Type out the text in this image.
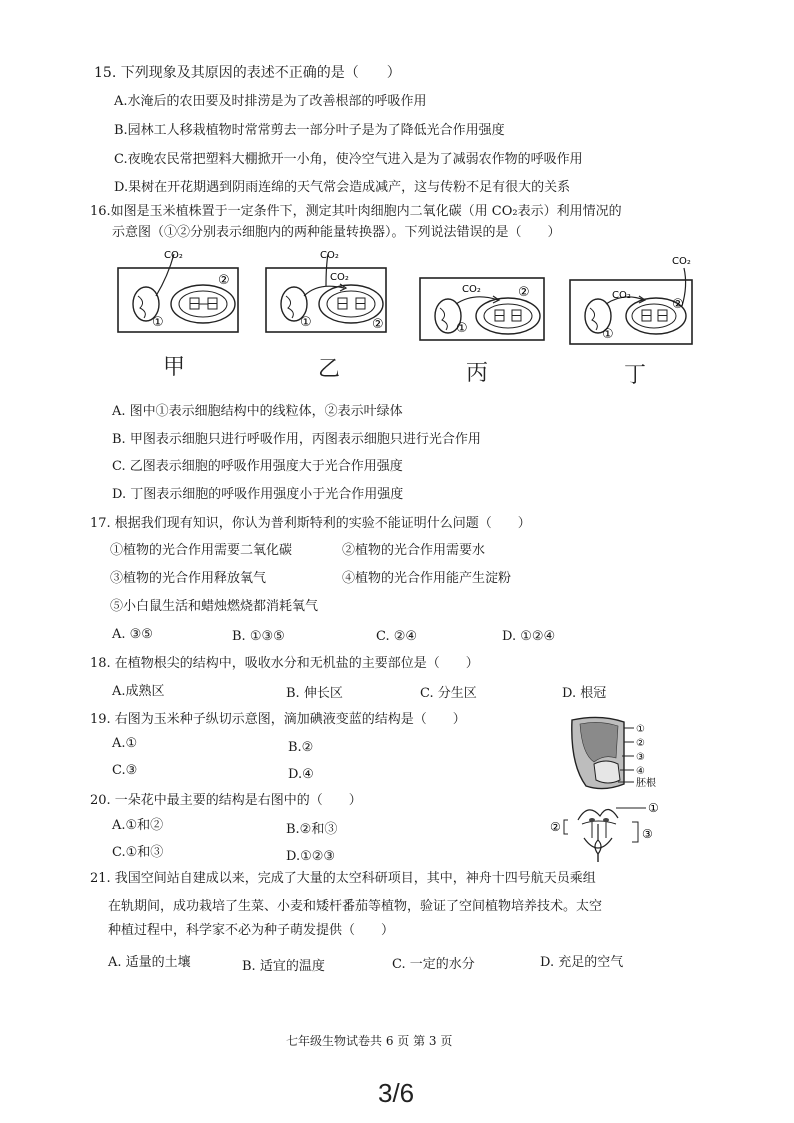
15. 下列现象及其原因的表述不正确的是（　　）
A.水淹后的农田要及时排涝是为了改善根部的呼吸作用
B.园林工人移栽植物时常常剪去一部分叶子是为了降低光合作用强度
C.夜晚农民常把塑料大棚掀开一小角，使冷空气进入是为了减弱农作物的呼吸作用
D.果树在开花期遇到阴雨连绵的天气常会造成减产，这与传粉不足有很大的关系
16.如图是玉米植株置于一定条件下，测定其叶肉细胞内二氧化碳（用 CO₂表示）利用情况的
示意图（①②分别表示细胞内的两种能量转换器）。下列说法错误的是（　　）
CO₂
①
②
甲
CO₂
CO₂
①	②
乙
CO₂
①
②
丙
CO₂
CO₂
①
②
丁
A. 图中①表示细胞结构中的线粒体，②表示叶绿体
B. 甲图表示细胞只进行呼吸作用，丙图表示细胞只进行光合作用
C. 乙图表示细胞的呼吸作用强度大于光合作用强度
D. 丁图表示细胞的呼吸作用强度小于光合作用强度
17. 根据我们现有知识，你认为普利斯特利的实验不能证明什么问题（　　）
①植物的光合作用需要二氧化碳	②植物的光合作用需要水
③植物的光合作用释放氧气	④植物的光合作用能产生淀粉
⑤小白鼠生活和蜡烛燃烧都消耗氧气
A. ③⑤	B. ①③⑤	C. ②④	D. ①②④
18. 在植物根尖的结构中，吸收水分和无机盐的主要部位是（　　）
A.成熟区	B. 伸长区	C. 分生区	D. 根冠
19. 右图为玉米种子纵切示意图，滴加碘液变蓝的结构是（　　）
A.①	B.②
C.③	D.④
①
②
③
④
胚根
20. 一朵花中最主要的结构是右图中的（　　）
A.①和②	B.②和③
C.①和③	D.①②③
①
②	③
21. 我国空间站自建成以来，完成了大量的太空科研项目，其中，神舟十四号航天员乘组
在轨期间，成功栽培了生菜、小麦和矮杆番茄等植物，验证了空间植物培养技术。太空
种植过程中，科学家不必为种子萌发提供（　　）
A. 适量的土壤	B. 适宜的温度	C. 一定的水分	D. 充足的空气
七年级生物试卷共 6 页 第 3 页
3/6
